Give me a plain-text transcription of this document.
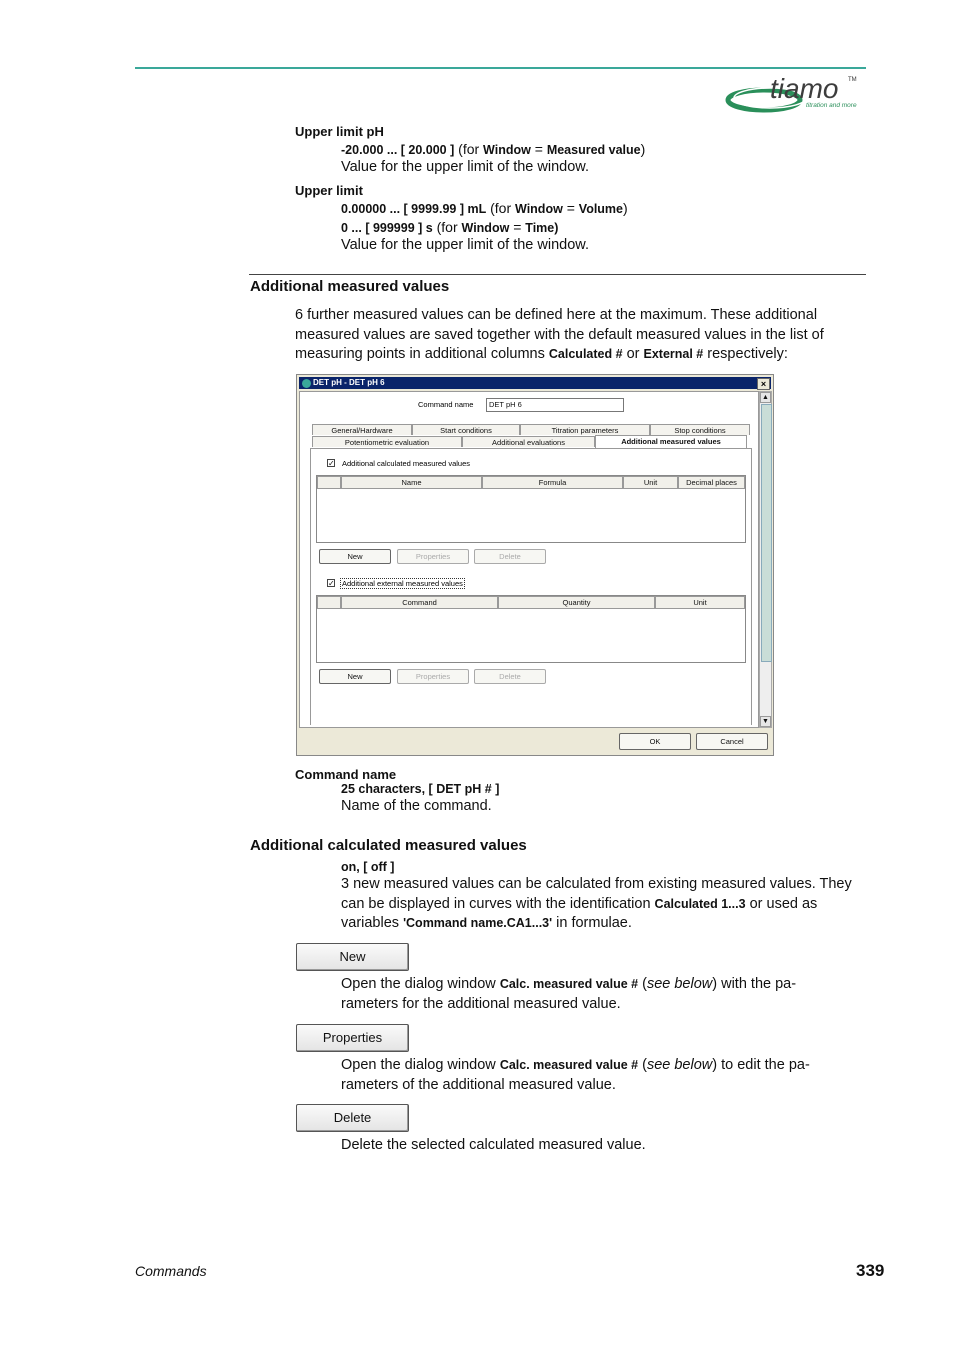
tiamo TM
titration and more
Upper limit pH
-20.000 ... [ 20.000 ] (for Window = Measured value)
Value for the upper limit of the window.
Upper limit
0.00000 ... [ 9999.99 ] mL (for Window = Volume)
0 ... [ 999999 ] s (for Window = Time)
Value for the upper limit of the window.
Additional measured values
6 further measured values can be defined here at the maximum. These additional measured values are saved together with the default measured values in the list of measuring points in additional columns Calculated # or External # respectively:
DET pH - DET pH 6	×
Command name	DET pH 6
General/Hardware	Start conditions	Titration parameters	Stop conditions
Potentiometric evaluation	Additional evaluations	Additional measured values
✓ Additional calculated measured values
Name	Formula	Unit	Decimal places
New	Properties	Delete
✓ Additional external measured values
Command	Quantity	Unit
New	Properties	Delete
▲
▼
OK	Cancel
Command name
25 characters, [ DET pH # ]
Name of the command.
Additional calculated measured values
on, [ off ]
3 new measured values can be calculated from existing measured values. They can be displayed in curves with the identification Calculated 1...3 or used as variables 'Command name.CA1...3' in formulae.
New
Open the dialog window Calc. measured value # (see below) with the pa-
rameters for the additional measured value.
Properties
Open the dialog window Calc. measured value # (see below) to edit the pa-
rameters of the additional measured value.
Delete
Delete the selected calculated measured value.
Commands	339
